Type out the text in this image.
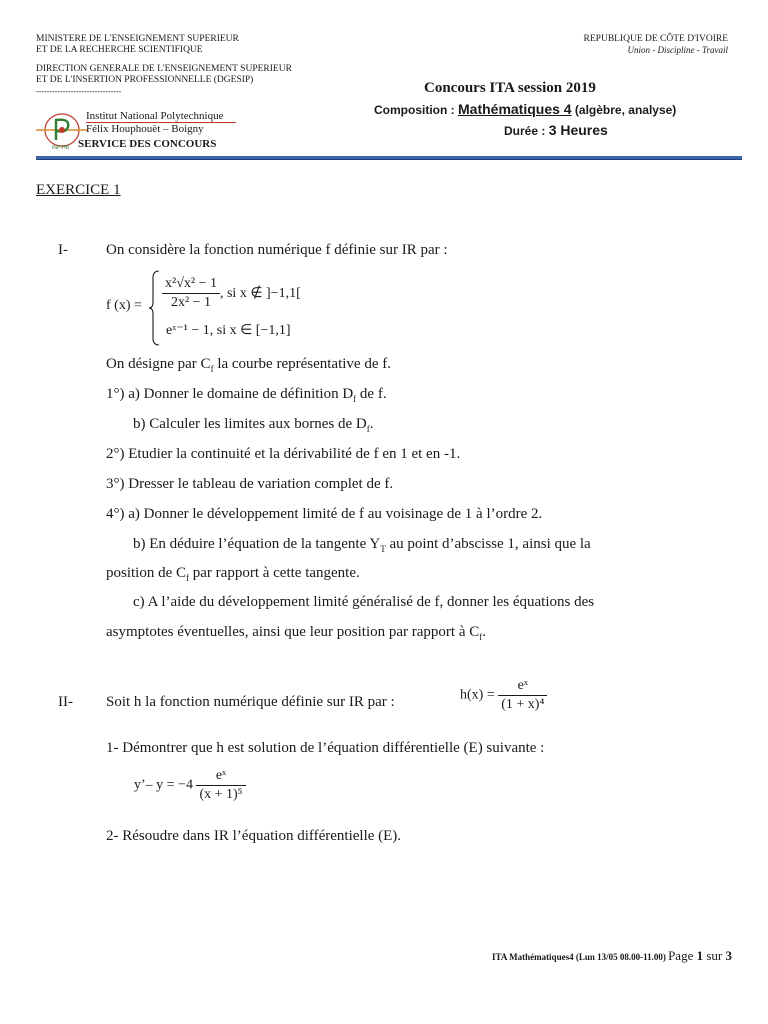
MINISTERE DE L'ENSEIGNEMENT SUPERIEUR
ET DE LA RECHERCHE SCIENTIFIQUE
DIRECTION GENERALE DE L'ENSEIGNEMENT SUPERIEUR
ET DE L'INSERTION PROFESSIONNELLE (DGESIP)
--------------------------------
INP-HB
Institut National Polytechnique
Félix Houphouët – Boigny
SERVICE DES CONCOURS
REPUBLIQUE DE CÔTE D'IVOIRE
Union - Discipline - Travail
Concours ITA session 2019
Composition : Mathématiques 4 (algèbre, analyse)
Durée : 3 Heures
EXERCICE 1
I-	On considère la fonction numérique f définie sur IR par :
f $(x) = \frac{\text{x²√x² − 1}}{\text{2x² − 1}}$ , si x ∉ ]−1,1[
eˣ⁻¹ − 1, si x ∈ [−1,1]
On désigne par $C_f$ la courbe représentative de f.
1°) a) Donner le domaine de définition $D_f$ de f.
b) Calculer les limites aux bornes de $D_f$.
2°) Etudier la continuité et la dérivabilité de f en 1 et en -1.
3°) Dresser le tableau de variation complet de f.
4°) a) Donner le développement limité de f au voisinage de 1 à l’ordre 2.
b) En déduire l’équation de la tangente $Y_T$ au point d’abscisse 1, ainsi que la
position de $C_f$ par rapport à cette tangente.
c) A l’aide du développement limité généralisé de f, donner les équations des
asymptotes éventuelles, ainsi que leur position par rapport à $C_f$.
II- Soit h la fonction numérique définie sur IR par :	$h(x) = \frac{\text{eˣ}}{\text{(1 + x)⁴}}$
1- Démontrer que h est solution de l’équation différentielle (E) suivante :
y’– $y = -4 \frac{\text{eˣ}}{\text{(x + 1)⁵}}$
2- Résoudre dans IR l’équation différentielle (E).
ITA Mathématiques4 (Lun 13/05 08.00-11.00) Page 1 sur 3
